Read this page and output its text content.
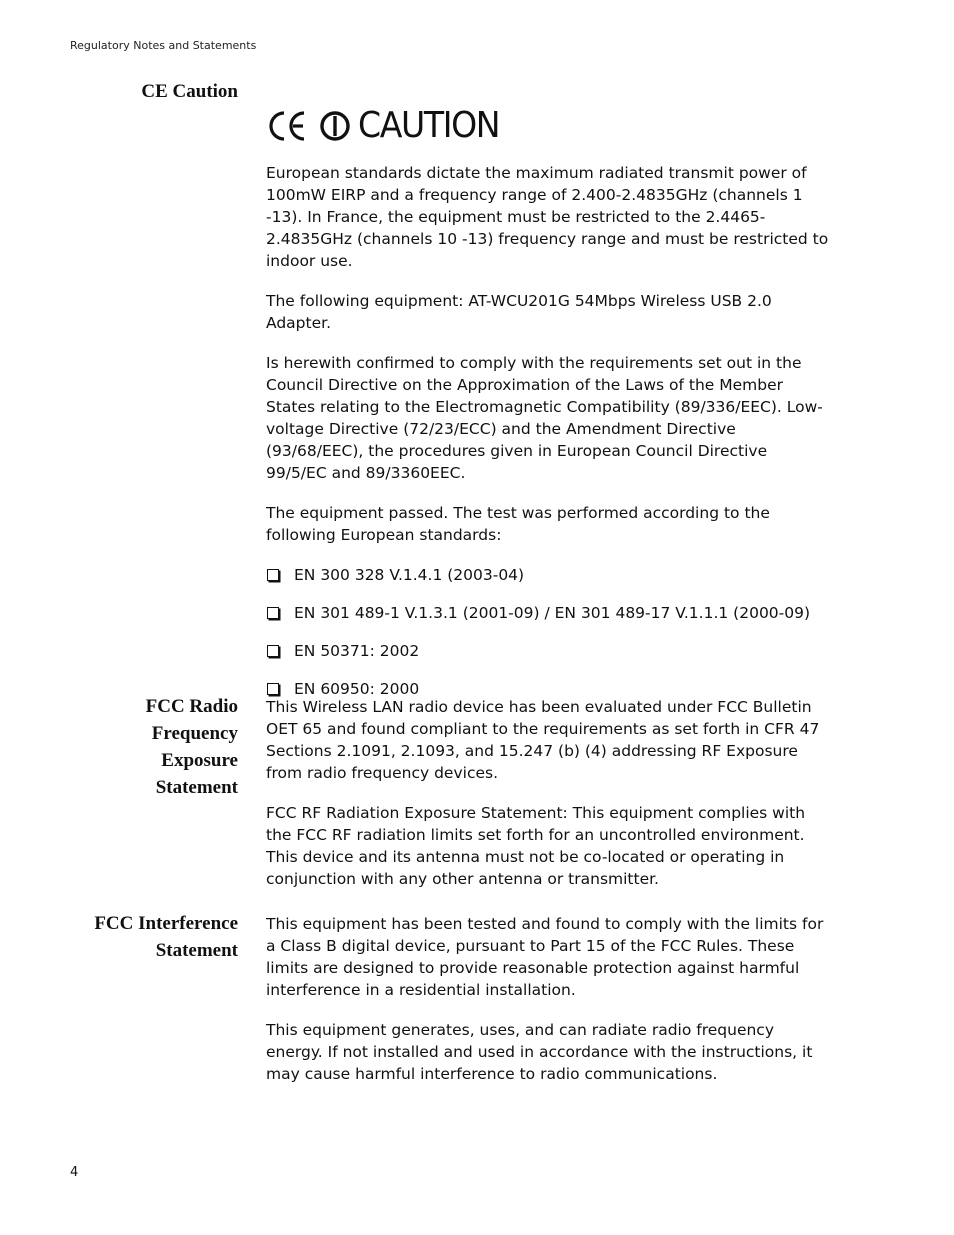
Regulatory Notes and Statements
CE Caution
CAUTION

European standards dictate the maximum radiated transmit power of 100mW EIRP and a frequency range of 2.400-2.4835GHz (channels 1 -13). In France, the equipment must be restricted to the 2.4465-2.4835GHz (channels 10 -13) frequency range and must be restricted to indoor use.

The following equipment: AT-WCU201G 54Mbps Wireless USB 2.0 Adapter.

Is herewith confirmed to comply with the requirements set out in the Council Directive on the Approximation of the Laws of the Member States relating to the Electromagnetic Compatibility (89/336/EEC). Low-voltage Directive (72/23/ECC) and the Amendment Directive (93/68/EEC), the procedures given in European Council Directive 99/5/EC and 89/3360EEC.

The equipment passed. The test was performed according to the following European standards:

EN 300 328 V.1.4.1 (2003-04)
EN 301 489-1 V.1.3.1 (2001-09) / EN 301 489-17 V.1.1.1 (2000-09)
EN 50371: 2002
EN 60950: 2000
FCC Radio
Frequency
Exposure
Statement

This Wireless LAN radio device has been evaluated under FCC Bulletin OET 65 and found compliant to the requirements as set forth in CFR 47 Sections 2.1091, 2.1093, and 15.247 (b) (4) addressing RF Exposure from radio frequency devices.

FCC RF Radiation Exposure Statement: This equipment complies with the FCC RF radiation limits set forth for an uncontrolled environment. This device and its antenna must not be co-located or operating in conjunction with any other antenna or transmitter.

FCC Interference
Statement

This equipment has been tested and found to comply with the limits for a Class B digital device, pursuant to Part 15 of the FCC Rules. These limits are designed to provide reasonable protection against harmful interference in a residential installation.

This equipment generates, uses, and can radiate radio frequency energy. If not installed and used in accordance with the instructions, it may cause harmful interference to radio communications.

4
